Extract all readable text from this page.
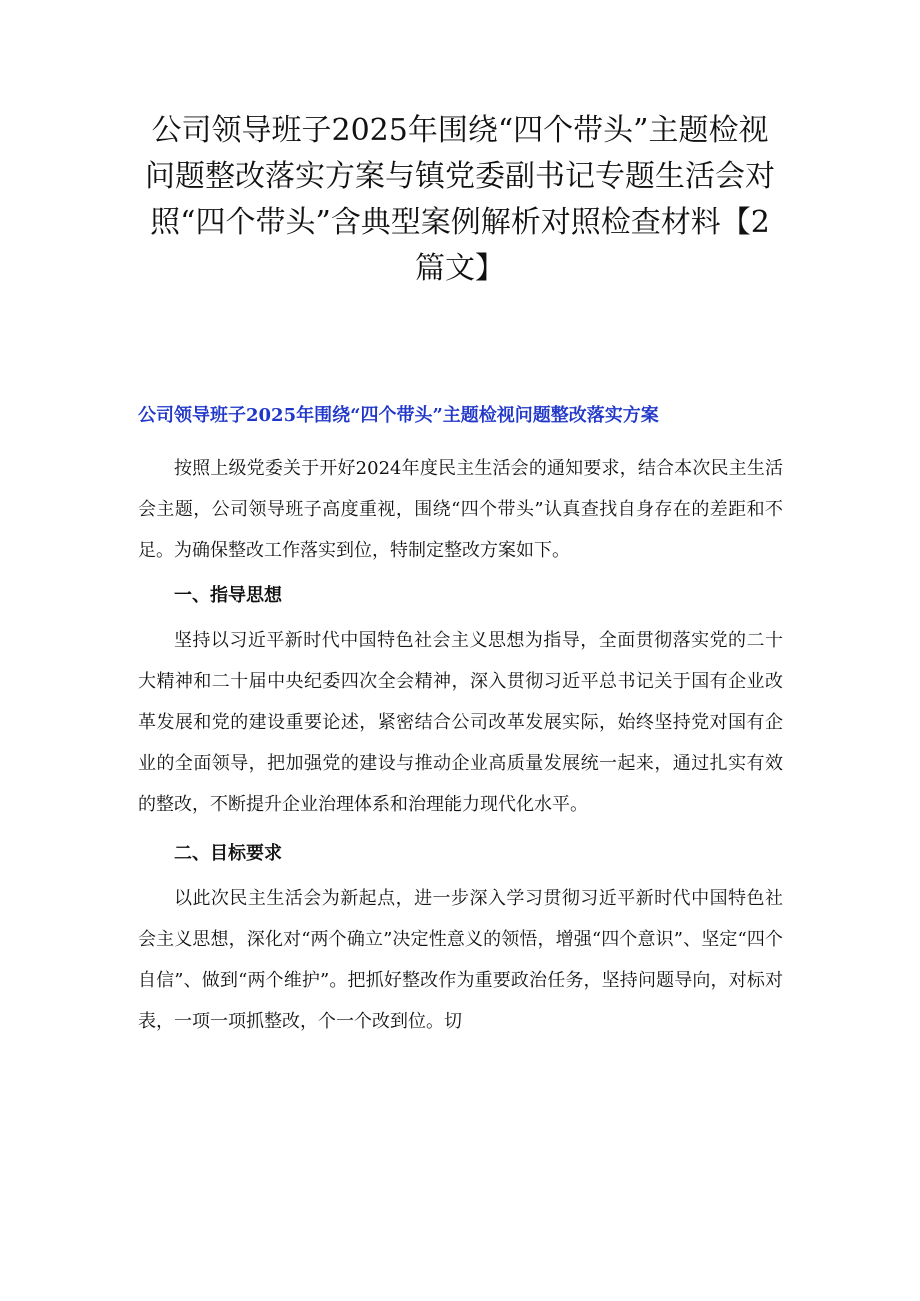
公司领导班子2025年围绕“四个带头”主题检视问题整改落实方案与镇党委副书记专题生活会对照“四个带头”含典型案例解析对照检查材料【2篇文】
公司领导班子2025年围绕“四个带头”主题检视问题整改落实方案

按照上级党委关于开好2024年度民主生活会的通知要求，结合本次民主生活会主题，公司领导班子高度重视，围绕“四个带头”认真查找自身存在的差距和不足。为确保整改工作落实到位，特制定整改方案如下。

一、指导思想

坚持以习近平新时代中国特色社会主义思想为指导，全面贯彻落实党的二十大精神和二十届中央纪委四次全会精神，深入贯彻习近平总书记关于国有企业改革发展和党的建设重要论述，紧密结合公司改革发展实际，始终坚持党对国有企业的全面领导，把加强党的建设与推动企业高质量发展统一起来，通过扎实有效的整改，不断提升企业治理体系和治理能力现代化水平。

二、目标要求

以此次民主生活会为新起点，进一步深入学习贯彻习近平新时代中国特色社会主义思想，深化对“两个确立”决定性意义的领悟，增强“四个意识”、坚定“四个自信”、做到“两个维护”。把抓好整改作为重要政治任务，坚持问题导向，对标对表，一项一项抓整改，个一个改到位。切
